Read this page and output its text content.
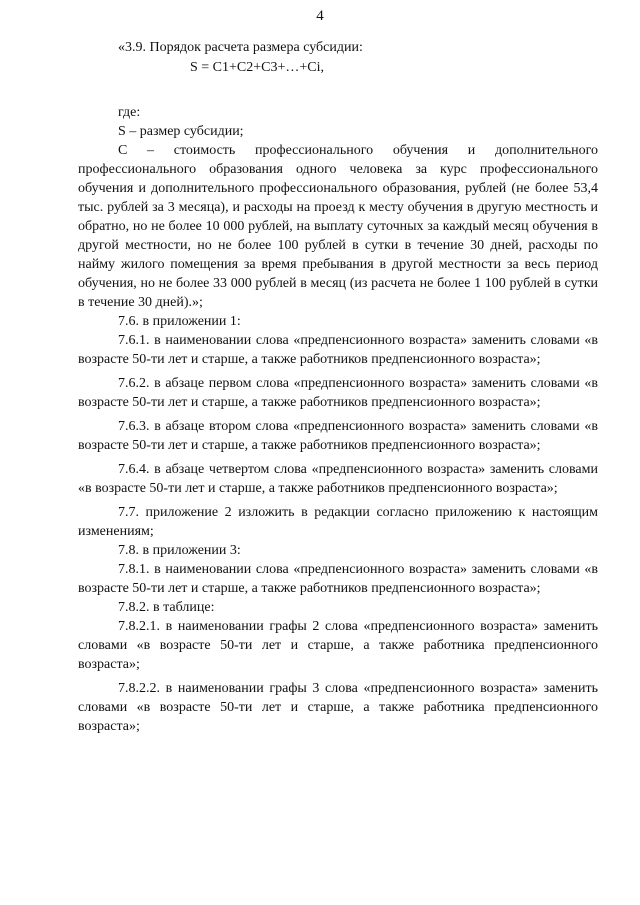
4

«3.9. Порядок расчета размера субсидии:

S = C1+C2+C3+…+Ci,

где:

S – размер субсидии;

C – стоимость профессионального обучения и дополнительного профессионального образования одного человека за курс профессионального обучения и дополнительного профессионального образования, рублей (не более 53,4 тыс. рублей за 3 месяца), и расходы на проезд к месту обучения в другую местность и обратно, но не более 10 000 рублей, на выплату суточных за каждый месяц обучения в другой местности, но не более 100 рублей в сутки в течение 30 дней, расходы по найму жилого помещения за время пребывания в другой местности за весь период обучения, но не более 33 000 рублей в месяц (из расчета не более 1 100 рублей в сутки в течение 30 дней).»;

7.6. в приложении 1:

7.6.1. в наименовании слова «предпенсионного возраста» заменить словами «в возрасте 50-ти лет и старше, а также работников предпенсионного возраста»;

7.6.2. в абзаце первом слова «предпенсионного возраста» заменить словами «в возрасте 50-ти лет и старше, а также работников предпенсионного возраста»;

7.6.3. в абзаце втором слова «предпенсионного возраста» заменить словами «в возрасте 50-ти лет и старше, а также работников предпенсионного возраста»;

7.6.4. в абзаце четвертом слова «предпенсионного возраста» заменить словами «в возрасте 50-ти лет и старше, а также работников предпенсионного возраста»;

7.7. приложение 2 изложить в редакции согласно приложению к настоящим изменениям;

7.8. в приложении 3:

7.8.1. в наименовании слова «предпенсионного возраста» заменить словами «в возрасте 50-ти лет и старше, а также работников предпенсионного возраста»;

7.8.2. в таблице:

7.8.2.1. в наименовании графы 2 слова «предпенсионного возраста» заменить словами «в возрасте 50-ти лет и старше, а также работника предпенсионного возраста»;

7.8.2.2. в наименовании графы 3 слова «предпенсионного возраста» заменить словами «в возрасте 50-ти лет и старше, а также работника предпенсионного возраста»;
